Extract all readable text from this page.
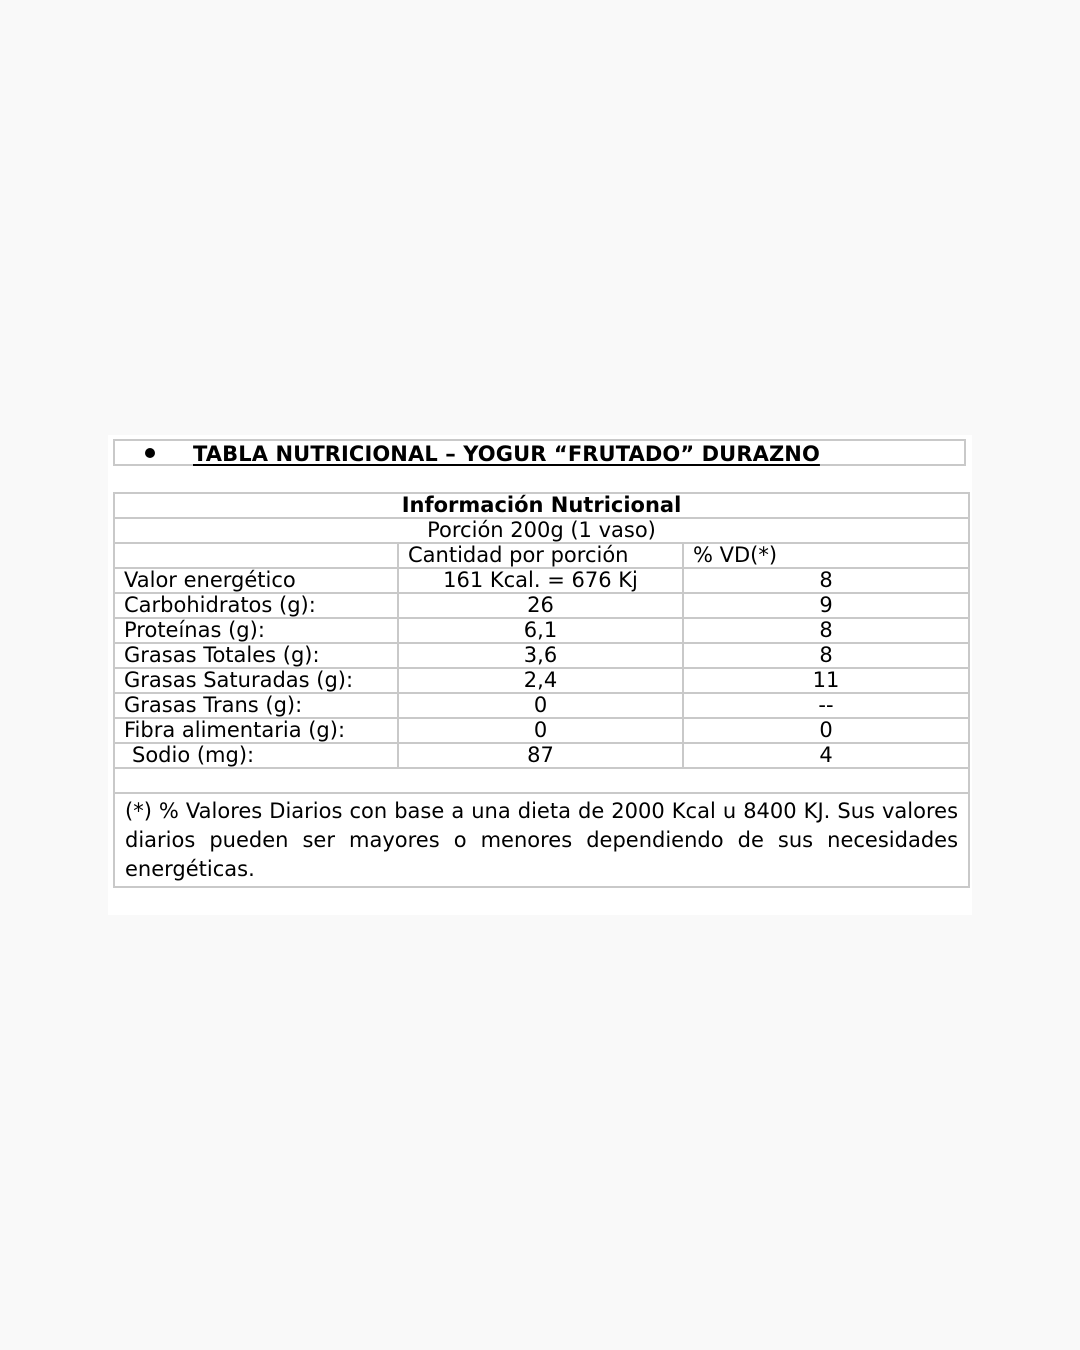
TABLA NUTRICIONAL – YOGUR “FRUTADO” DURAZNO
Información Nutricional		
Porción 200g (1 vaso)		
	Cantidad por porción	% VD(*)
Valor energético	161 Kcal. = 676 Kj	8
Carbohidratos (g):	26	9
Proteínas (g):	6,1	8
Grasas Totales (g):	3,6	8
Grasas Saturadas (g):	2,4	11
Grasas Trans (g):	0	--
Fibra alimentaria (g):	0	0
Sodio (mg):	87	4

(*) % Valores Diarios con base a una dieta de 2000 Kcal u 8400 KJ. Sus valores diarios pueden ser mayores o menores dependiendo de sus necesidades energéticas.		
